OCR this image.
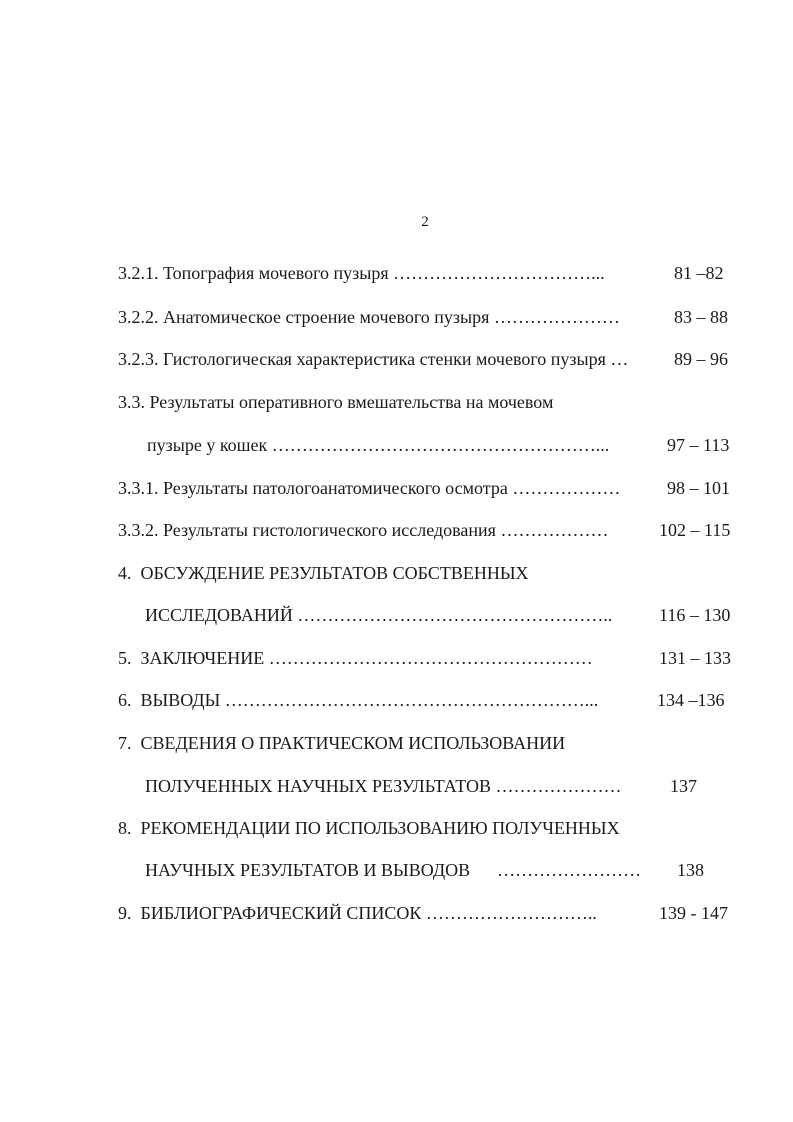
2
3.2.1. Топография мочевого пузыря ……………………………...	81 –82
3.2.2. Анатомическое строение мочевого пузыря …………………	83 – 88
3.2.3. Гистологическая характеристика стенки мочевого пузыря …	89 – 96
3.3. Результаты оперативного вмешательства на мочевом
пузыре у кошек ………………………………………………...	97 – 113
3.3.1. Результаты патологоанатомического осмотра ………………	98 – 101
3.3.2. Результаты гистологического исследования ………………	102 – 115
4.  ОБСУЖДЕНИЕ РЕЗУЛЬТАТОВ СОБСТВЕННЫХ
ИССЛЕДОВАНИЙ ……………………………………………..	116 – 130
5.  ЗАКЛЮЧЕНИЕ ………………………………………………	131 – 133
6.  ВЫВОДЫ ……………………………………………………...	134 –136
7.  СВЕДЕНИЯ О ПРАКТИЧЕСКОМ ИСПОЛЬЗОВАНИИ
ПОЛУЧЕННЫХ НАУЧНЫХ РЕЗУЛЬТАТОВ …………………	137
8.  РЕКОМЕНДАЦИИ ПО ИСПОЛЬЗОВАНИЮ ПОЛУЧЕННЫХ
НАУЧНЫХ РЕЗУЛЬТАТОВ И ВЫВОДОВ      …………………… 138
9.  БИБЛИОГРАФИЧЕСКИЙ СПИСОК ………………………..	139 - 147
